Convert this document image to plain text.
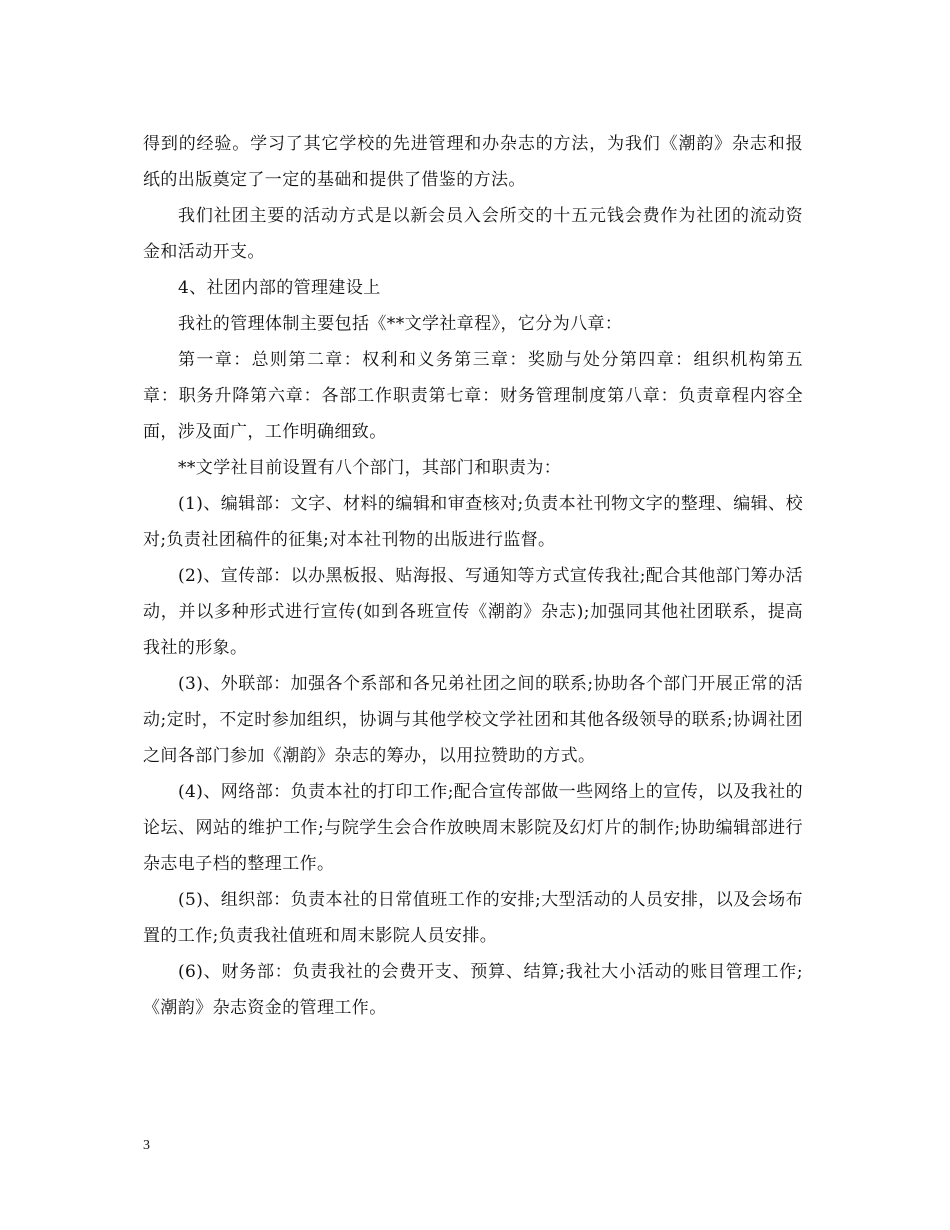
得到的经验。学习了其它学校的先进管理和办杂志的方法，为我们《潮韵》杂志和报纸的出版奠定了一定的基础和提供了借鉴的方法。

我们社团主要的活动方式是以新会员入会所交的十五元钱会费作为社团的流动资金和活动开支。

4、社团内部的管理建设上

我社的管理体制主要包括《**文学社章程》，它分为八章：

第一章：总则第二章：权利和义务第三章：奖励与处分第四章：组织机构第五章：职务升降第六章：各部工作职责第七章：财务管理制度第八章：负责章程内容全面，涉及面广，工作明确细致。

**文学社目前设置有八个部门，其部门和职责为：

(1)、编辑部：文字、材料的编辑和审查核对;负责本社刊物文字的整理、编辑、校对;负责社团稿件的征集;对本社刊物的出版进行监督。

(2)、宣传部：以办黑板报、贴海报、写通知等方式宣传我社;配合其他部门筹办活动，并以多种形式进行宣传(如到各班宣传《潮韵》杂志);加强同其他社团联系，提高我社的形象。

(3)、外联部：加强各个系部和各兄弟社团之间的联系;协助各个部门开展正常的活动;定时，不定时参加组织，协调与其他学校文学社团和其他各级领导的联系;协调社团之间各部门参加《潮韵》杂志的筹办，以用拉赞助的方式。

(4)、网络部：负责本社的打印工作;配合宣传部做一些网络上的宣传，以及我社的论坛、网站的维护工作;与院学生会合作放映周末影院及幻灯片的制作;协助编辑部进行杂志电子档的整理工作。

(5)、组织部：负责本社的日常值班工作的安排;大型活动的人员安排，以及会场布置的工作;负责我社值班和周末影院人员安排。

(6)、财务部：负责我社的会费开支、预算、结算;我社大小活动的账目管理工作;《潮韵》杂志资金的管理工作。

3
